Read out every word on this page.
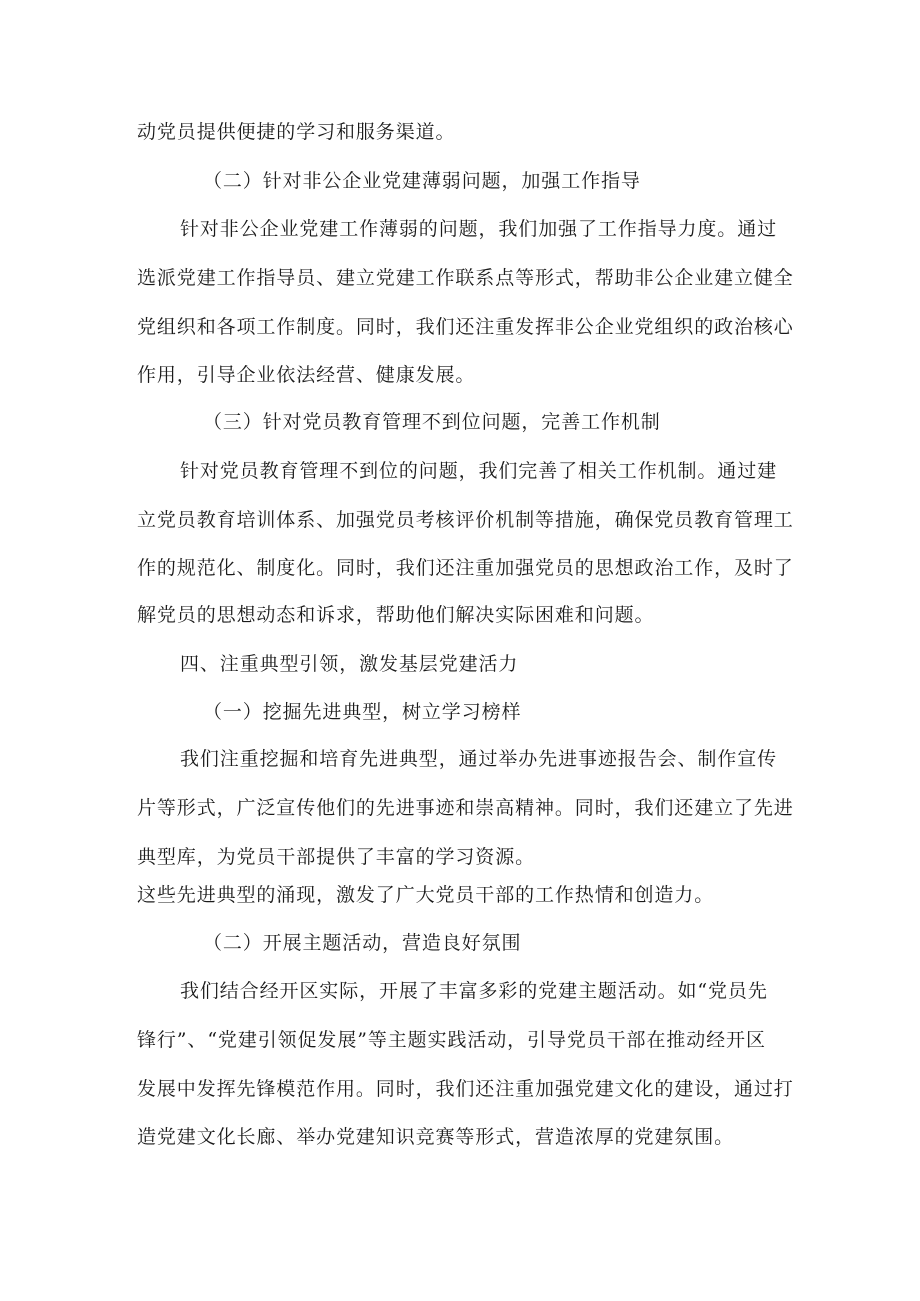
动党员提供便捷的学习和服务渠道。

（二）针对非公企业党建薄弱问题，加强工作指导

针对非公企业党建工作薄弱的问题，我们加强了工作指导力度。通过

选派党建工作指导员、建立党建工作联系点等形式，帮助非公企业建立健全

党组织和各项工作制度。同时，我们还注重发挥非公企业党组织的政治核心

作用，引导企业依法经营、健康发展。

（三）针对党员教育管理不到位问题，完善工作机制

针对党员教育管理不到位的问题，我们完善了相关工作机制。通过建

立党员教育培训体系、加强党员考核评价机制等措施，确保党员教育管理工

作的规范化、制度化。同时，我们还注重加强党员的思想政治工作，及时了

解党员的思想动态和诉求，帮助他们解决实际困难和问题。

四、注重典型引领，激发基层党建活力

（一）挖掘先进典型，树立学习榜样

我们注重挖掘和培育先进典型，通过举办先进事迹报告会、制作宣传

片等形式，广泛宣传他们的先进事迹和崇高精神。同时，我们还建立了先进

典型库，为党员干部提供了丰富的学习资源。

这些先进典型的涌现，激发了广大党员干部的工作热情和创造力。

（二）开展主题活动，营造良好氛围

我们结合经开区实际，开展了丰富多彩的党建主题活动。如“党员先

锋行”、“党建引领促发展”等主题实践活动，引导党员干部在推动经开区

发展中发挥先锋模范作用。同时，我们还注重加强党建文化的建设，通过打

造党建文化长廊、举办党建知识竞赛等形式，营造浓厚的党建氛围。
